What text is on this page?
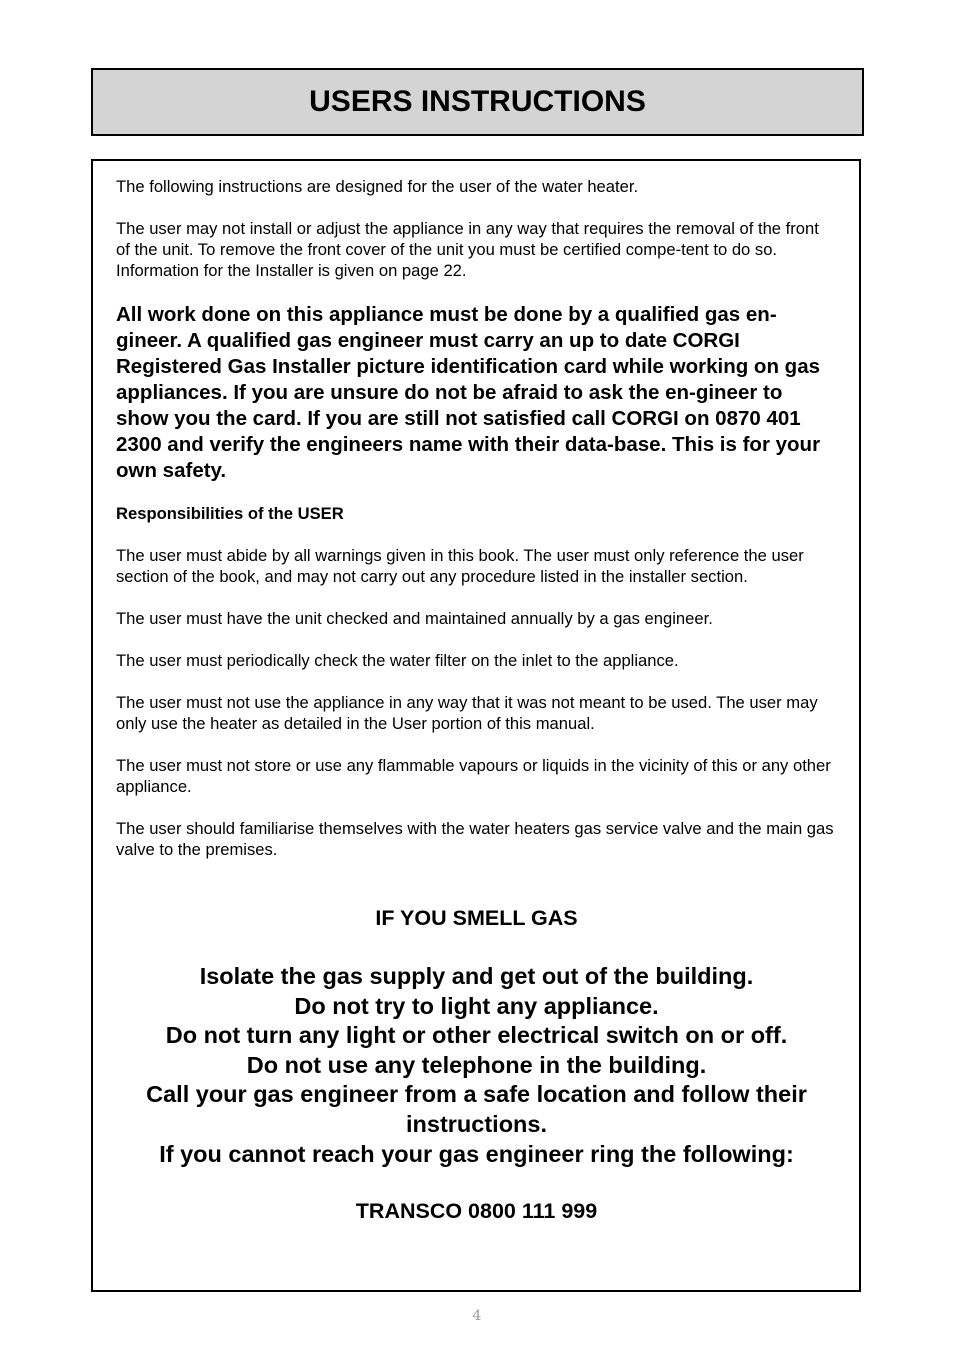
USERS INSTRUCTIONS

The following instructions are designed for the user of the water heater.

The user may not install or adjust the appliance in any way that requires the removal of the front of the unit. To remove the front cover of the unit you must be certified compe-tent to do so. Information for the Installer is given on page 22.

All work done on this appliance must be done by a qualified gas en-gineer. A qualified gas engineer must carry an up to date CORGI Registered Gas Installer picture identification card while working on gas appliances. If you are unsure do not be afraid to ask the en-gineer to show you the card. If you are still not satisfied call CORGI on 0870 401 2300 and verify the engineers name with their data-base. This is for your own safety.

Responsibilities of the USER

The user must abide by all warnings given in this book. The user must only reference the user section of the book, and may not carry out any procedure listed in the installer section.

The user must have the unit checked and maintained annually by a gas engineer.

The user must periodically check the water filter on the inlet to the appliance.

The user must not use the appliance in any way that it was not meant to be used. The user may only use the heater as detailed in the User portion of this manual.

The user must not store or use any flammable vapours or liquids in the vicinity of this or any other appliance.

The user should familiarise themselves with the water heaters gas service valve and the main gas valve to the premises.

IF YOU SMELL GAS
Isolate the gas supply and get out of the building.
Do not try to light any appliance.
Do not turn any light or other electrical switch on or off.
Do not use any telephone in the building.
Call your gas engineer from a safe location and follow their instructions.
If you cannot reach your gas engineer ring the following:
TRANSCO 0800 111 999
4
